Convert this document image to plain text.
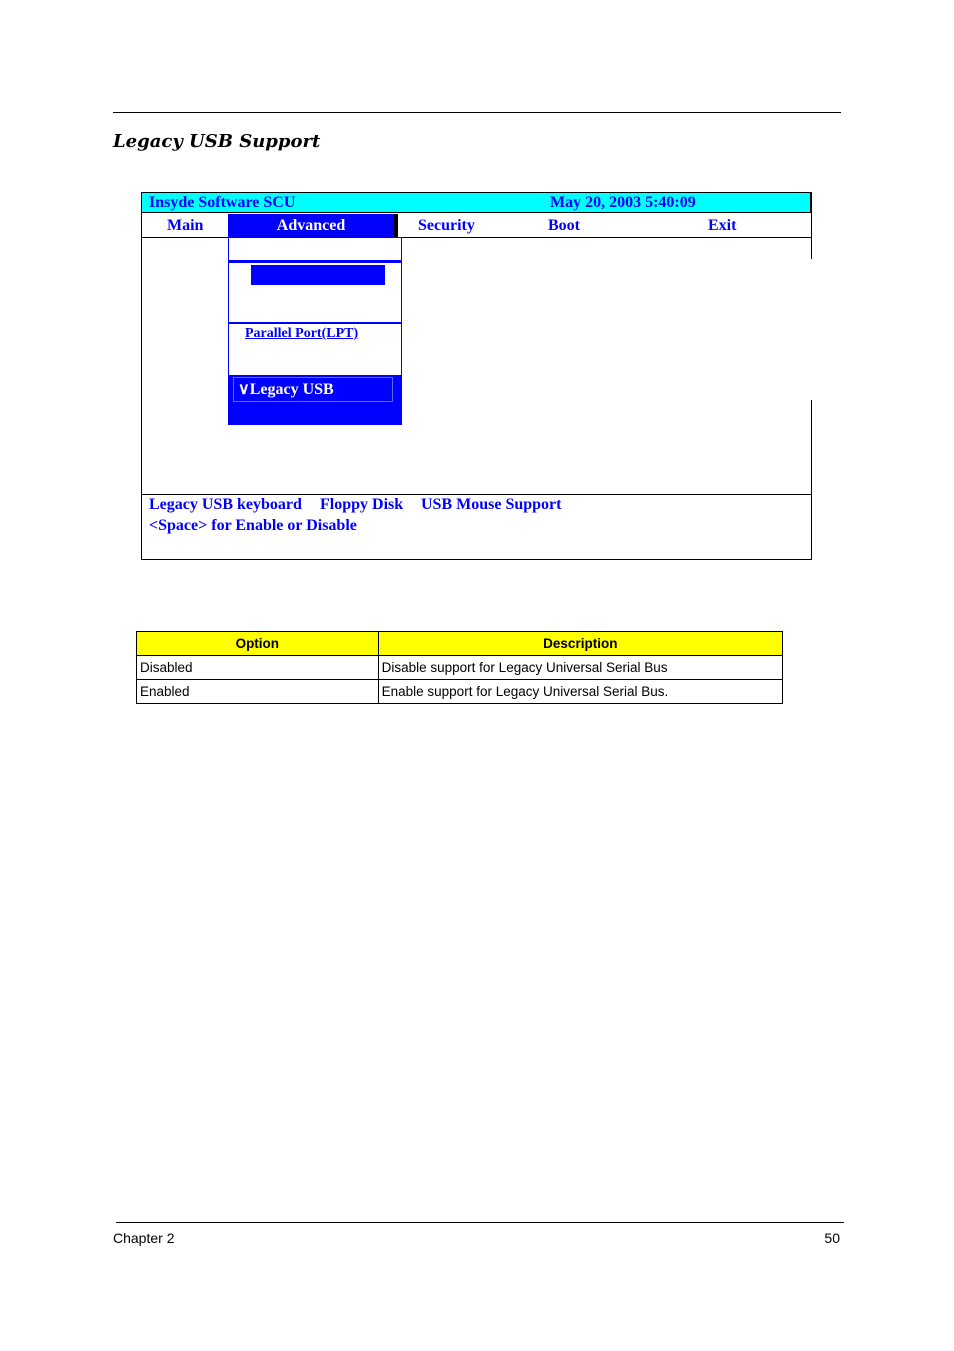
Legacy USB Support
Insyde Software SCU	May 20, 2003 5:40:09
Main	Advanced	Security	Boot	Exit
Parallel Port(LPT)
∨Legacy USB
Legacy USB keyboard Floppy Disk USB Mouse Support
<Space> for Enable or Disable
Option	Description
Disabled	Disable support for Legacy Universal Serial Bus
Enabled	Enable support for Legacy Universal Serial Bus.
Chapter 2	50
